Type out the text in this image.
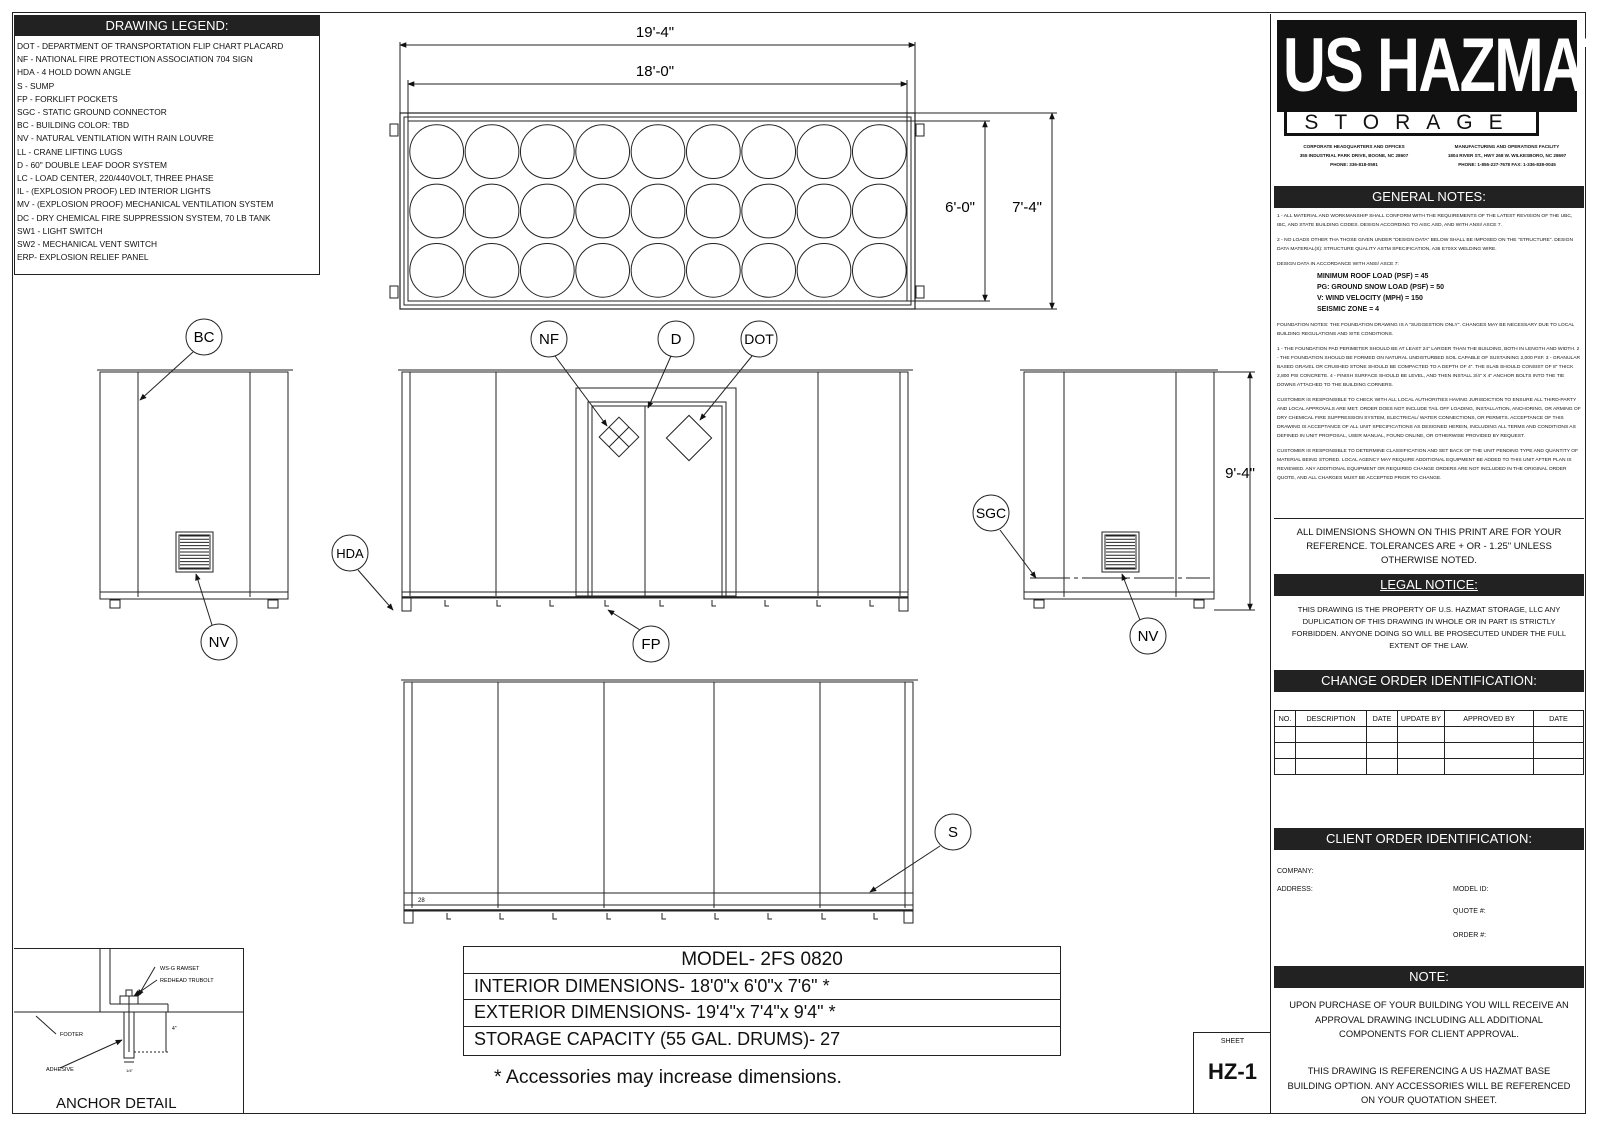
19'-4"
18'-0"
6'-0" 7'-4"
BC
NV
NF	D	DOT
HDA
FP
9'-4"
SGC
NV
28
S
WS-G RAMSET
REDHEAD TRUBOLT
FOOTER
ADHESIVE
4"
1/4"
DRAWING LEGEND:
DOT - DEPARTMENT OF TRANSPORTATION FLIP CHART PLACARD
NF - NATIONAL FIRE PROTECTION ASSOCIATION 704 SIGN
HDA - 4 HOLD DOWN ANGLE
S - SUMP
FP - FORKLIFT POCKETS
SGC - STATIC GROUND CONNECTOR
BC - BUILDING COLOR: TBD
NV - NATURAL VENTILATION WITH RAIN LOUVRE
LL - CRANE LIFTING LUGS
D - 60" DOUBLE LEAF DOOR SYSTEM
LC - LOAD CENTER, 220/440VOLT, THREE PHASE
IL - (EXPLOSION PROOF) LED INTERIOR LIGHTS
MV - (EXPLOSION PROOF) MECHANICAL VENTILATION SYSTEM
DC - DRY CHEMICAL FIRE SUPPRESSION SYSTEM, 70 LB TANK
SW1 - LIGHT SWITCH
SW2 - MECHANICAL VENT SWITCH
ERP- EXPLOSION RELIEF PANEL
MODEL- 2FS 0820
INTERIOR DIMENSIONS- 18'0"x 6'0"x 7'6" *
EXTERIOR DIMENSIONS- 19'4"x 7'4"x 9'4" *
STORAGE CAPACITY (55 GAL. DRUMS)- 27
* Accessories may increase dimensions.
ANCHOR DETAIL
SHEET
HZ-1
US HAZMAT
STORAGE
CORPORATE HEADQUARTERS AND OFFICES
355 INDUSTRIAL PARK DRIVE, BOONE, NC 28607
PHONE: 336-818-0591
MANUFACTURING AND OPERATIONS FACILITY
1804 RIVER ST., HWY 268 W. WILKESBORO, NC 28697
PHONE: 1-855-227-7678 FAX: 1-336-838-0045
GENERAL NOTES:

1 - ALL MATERIAL AND WORKMANSHIP SHALL CONFORM WITH THE REQUIREMENTS OF THE LATEST REVISION OF THE UBC, IBC, AND STATE BUILDING CODES. DESIGN ACCORDING TO AISC ASD, AND WITH ANSI/ ASCE 7.

2 - NO LOADS OTHER THA THOSE GIVEN UNDER "DESIGN DATA" BELOW SHALL BE IMPOSED ON THE "STRUCTURE". DESIGN DATA MATERIAL(S): STRUCTURE QUALITY ASTM SPECIFICATION, A36 E70XX WELDING WIRE.

DESIGN DATA IN ACCORDANCE WITH ANSI/ ASCE 7:

MINIMUM ROOF LOAD (PSF) = 45
PG: GROUND SNOW LOAD (PSF) = 50
V: WIND VELOCITY (MPH) = 150
SEISMIC ZONE = 4

FOUNDATION NOTES: THE FOUNDATION DRAWING IS A "SUGGESTION ONLY". CHANGES MAY BE NECESSARY DUE TO LOCAL BUILDING REGULATIONS AND SITE CONDITIONS.

1 - THE FOUNDATION PAD PERIMETER SHOULD BE AT LEAST 24" LARGER THAN THE BUILDING, BOTH IN LENGTH AND WIDTH. 2 - THE FOUNDATION SHOULD BE FORMED ON NATURAL UNDISTURBED SOIL CAPABLE OF SUSTAINING 2,000 PSF. 3 - GRANULAR BASED GRAVEL OR CRUSHED STONE SHOULD BE COMPACTED TO A DEPTH OF 4". THE SLAB SHOULD CONSIST OF 8" THICK 2,800 PSI CONCRETE. 4 - FINISH SURFACE SHOULD BE LEVEL, AND THEN INSTALL 3/4" X 4" ANCHOR BOLTS INTO THE TIE DOWNS ATTACHED TO THE BUILDING CORNERS.

CUSTOMER IS RESPONSIBLE TO CHECK WITH ALL LOCAL AUTHORITIES HAVING JURISDICTION TO ENSURE ALL THIRD-PARTY AND LOCAL APPROVALS ARE MET. ORDER DOES NOT INCLUDE TAIL OFF LOADING, INSTALLATION, ANCHORING, OR ARMING OF DRY CHEMICAL FIRE SUPPRESSION SYSTEM, ELECTRICAL/ WATER CONNECTIONS, OR PERMITS. ACCEPTANCE OF THIS DRAWING IS ACCEPTANCE OF ALL UNIT SPECIFICATIONS AS DESIGNED HEREIN, INCLUDING ALL TERMS AND CONDITIONS AS DEFINED IN UNIT PROPOSAL, USER MANUAL, FOUND ONLINE, OR OTHERWISE PROVIDED BY REQUEST.

CUSTOMER IS RESPONSIBLE TO DETERMINE CLASSIFICATION AND SET BACK OF THE UNIT PENDING TYPE AND QUANTITY OF MATERIAL BEING STORED. LOCAL AGENCY MAY REQUIRE ADDITIONAL EQUIPMENT BE ADDED TO THIS UNIT AFTER PLAN IS REVIEWED. ANY ADDITIONAL EQUIPMENT OR REQUIRED CHANGE ORDERS ARE NOT INCLUDED IN THE ORIGINAL ORDER QUOTE, AND ALL CHARGES MUST BE ACCEPTED PRIOR TO CHANGE.

ALL DIMENSIONS SHOWN ON THIS PRINT ARE FOR YOUR REFERENCE. TOLERANCES ARE + OR - 1.25" UNLESS OTHERWISE NOTED.
LEGAL NOTICE:
THIS DRAWING IS THE PROPERTY OF U.S. HAZMAT STORAGE, LLC ANY DUPLICATION OF THIS DRAWING IN WHOLE OR IN PART IS STRICTLY FORBIDDEN. ANYONE DOING SO WILL BE PROSECUTED UNDER THE FULL EXTENT OF THE LAW.
CHANGE ORDER IDENTIFICATION:
NO.	DESCRIPTION	DATE	UPDATE BY	APPROVED BY	DATE

CLIENT ORDER IDENTIFICATION:
COMPANY:
ADDRESS:	MODEL ID:
QUOTE #:
ORDER #:
NOTE:
UPON PURCHASE OF YOUR BUILDING YOU WILL RECEIVE AN APPROVAL DRAWING INCLUDING ALL ADDITIONAL COMPONENTS FOR CLIENT APPROVAL.
THIS DRAWING IS REFERENCING A US HAZMAT BASE BUILDING OPTION. ANY ACCESSORIES WILL BE REFERENCED ON YOUR QUOTATION SHEET.
